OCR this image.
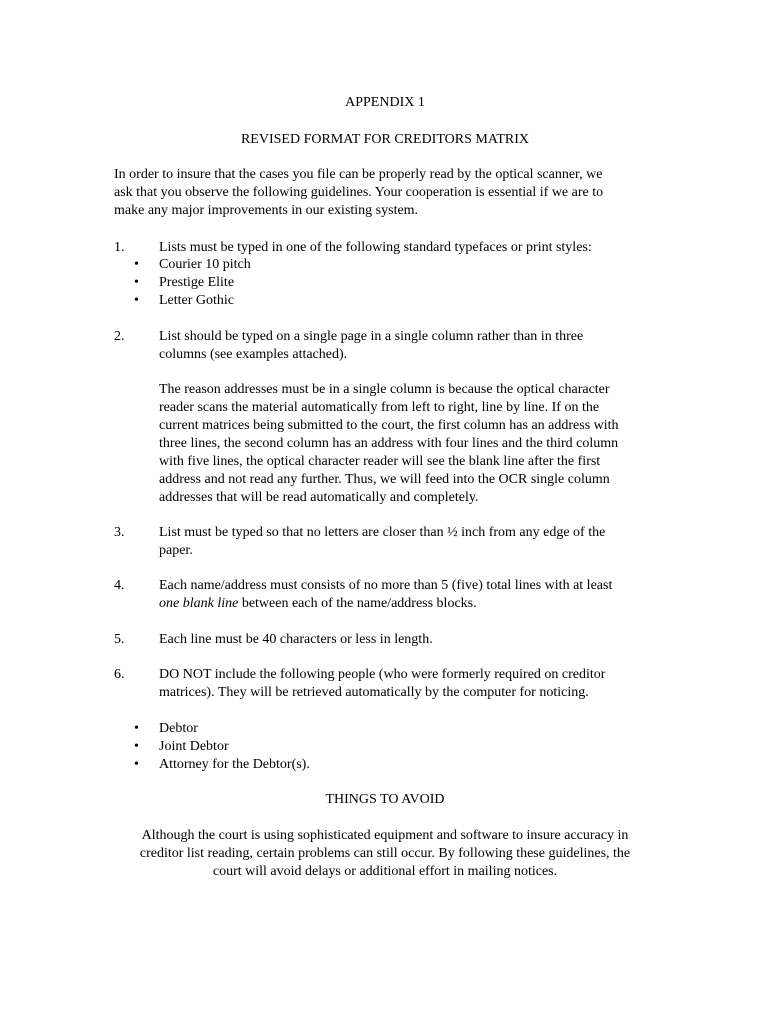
APPENDIX 1
REVISED FORMAT FOR CREDITORS MATRIX
In order to insure that the cases you file can be properly read by the optical scanner, we
ask that you observe the following guidelines. Your cooperation is essential if we are to
make any major improvements in our existing system.
1.	Lists must be typed in one of the following standard typefaces or print styles:
• Courier 10 pitch
• Prestige Elite
• Letter Gothic
2.	List should be typed on a single page in a single column rather than in three
columns (see examples attached).
The reason addresses must be in a single column is because the optical character
reader scans the material automatically from left to right, line by line. If on the
current matrices being submitted to the court, the first column has an address with
three lines, the second column has an address with four lines and the third column
with five lines, the optical character reader will see the blank line after the first
address and not read any further. Thus, we will feed into the OCR single column
addresses that will be read automatically and completely.
3.	List must be typed so that no letters are closer than ½ inch from any edge of the
paper.
4.	Each name/address must consists of no more than 5 (five) total lines with at least
one blank line between each of the name/address blocks.
5.	Each line must be 40 characters or less in length.
6.	DO NOT include the following people (who were formerly required on creditor
matrices). They will be retrieved automatically by the computer for noticing.
• Debtor
• Joint Debtor
• Attorney for the Debtor(s).
THINGS TO AVOID
Although the court is using sophisticated equipment and software to insure accuracy in
creditor list reading, certain problems can still occur. By following these guidelines, the
court will avoid delays or additional effort in mailing notices.
